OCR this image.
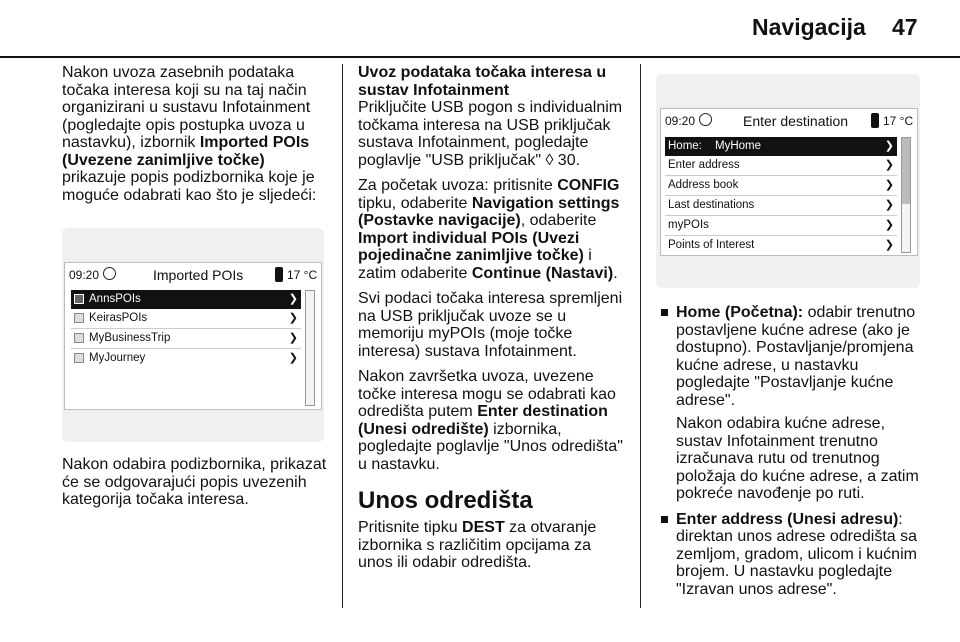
Navigacija 47

Nakon uvoza zasebnih podataka točaka interesa koji su na taj način organizirani u sustavu Infotainment (pogledajte opis postupka uvoza u nastavku), izbornik Imported POIs (Uvezene zanimljive točke) prikazuje popis podizbornika koje je moguće odabrati kao što je sljedeći:

09:20	Imported POIs	17 °C
AnnsPOIs	❯
KeirasPOIs	❯
MyBusinessTrip	❯
MyJourney	❯

Nakon odabira podizbornika, prikazat će se odgovarajući popis uvezenih kategorija točaka interesa.

Uvoz podataka točaka interesa u sustav Infotainment

Priključite USB pogon s individualnim točkama interesa na USB priključak sustava Infotainment, pogledajte poglavlje "USB priključak" ◊ 30.

Za početak uvoza: pritisnite CONFIG tipku, odaberite Navigation settings (Postavke navigacije), odaberite Import individual POIs (Uvezi pojedinačne zanimljive točke) i zatim odaberite Continue (Nastavi).

Svi podaci točaka interesa spremljeni na USB priključak uvoze se u memoriju myPOIs (moje točke interesa) sustava Infotainment.

Nakon završetka uvoza, uvezene točke interesa mogu se odabrati kao odredišta putem Enter destination (Unesi odredište) izbornika, pogledajte poglavlje "Unos odredišta" u nastavku.

Unos odredišta

Pritisnite tipku DEST za otvaranje izbornika s različitim opcijama za unos ili odabir odredišta.

09:20	Enter destination	17 °C
Home: MyHome	❯
Enter address	❯
Address book	❯
Last destinations	❯
myPOIs	❯
Points of Interest	❯

Home (Početna): odabir trenutno postavljene kućne adrese (ako je dostupno). Postavljanje/promjena kućne adrese, u nastavku pogledajte "Postavljanje kućne adrese".

Nakon odabira kućne adrese, sustav Infotainment trenutno izračunava rutu od trenutnog položaja do kućne adrese, a zatim pokreće navođenje po ruti.

Enter address (Unesi adresu): direktan unos adrese odredišta sa zemljom, gradom, ulicom i kućnim brojem. U nastavku pogledajte "Izravan unos adrese".
